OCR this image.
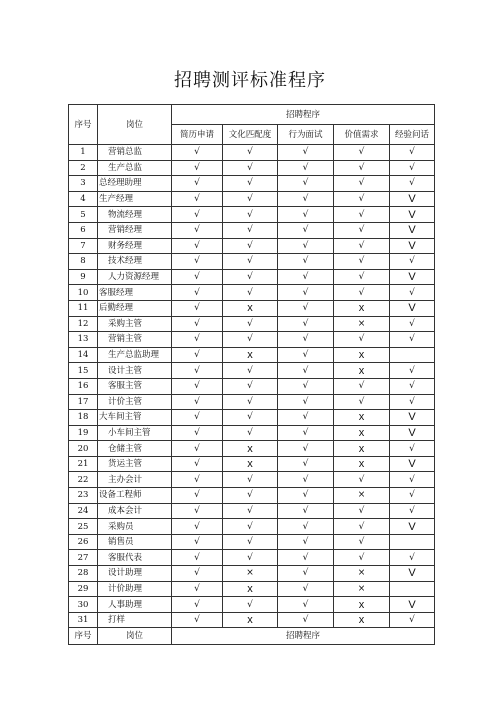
招聘测评标准程序
序号	岗位	招聘程序				
		简历申请	文化匹配度	行为面试	价值需求	经验问话
1	营销总监	√	√	√	√	√
2	生产总监	√	√	√	√	√
3	总经理助理	√	√	√	√	√
4	生产经理	√	√	√	√	V
5	物流经理	√	√	√	√	V
6	营销经理	√	√	√	√	V
7	财务经理	√	√	√	√	V
8	技术经理	√	√	√	√	√
9	人力资源经理	√	√	√	√	V
10	客服经理	√	√	√	√	√
11	后勤经理	√	x	√	x	V
12	采购主管	√	√	√	×	√
13	营销主管	√	√	√	√	√
14	生产总监助理	√	x	√	x	
15	设计主管	√	√	√	x	√
16	客服主管	√	√	√	√	√
17	计价主管	√	√	√	√	√
18	大车间主管	√	√	√	x	V
19	小车间主管	√	√	√	x	V
20	仓储主管	√	x	√	x	√
21	货运主管	√	x	√	x	V
22	主办会计	√	√	√	√	√
23	设备工程师	√	√	√	×	√
24	成本会计	√	√	√	√	√
25	采购员	√	√	√	√	V
26	销售员	√	√	√	√	
27	客服代表	√	√	√	√	√
28	设计助理	√	×	√	×	V
29	计价助理	√	x	√	×	
30	人事助理	√	√	√	x	V
31	打样	√	x	√	x	√
序号	岗位	招聘程序				
